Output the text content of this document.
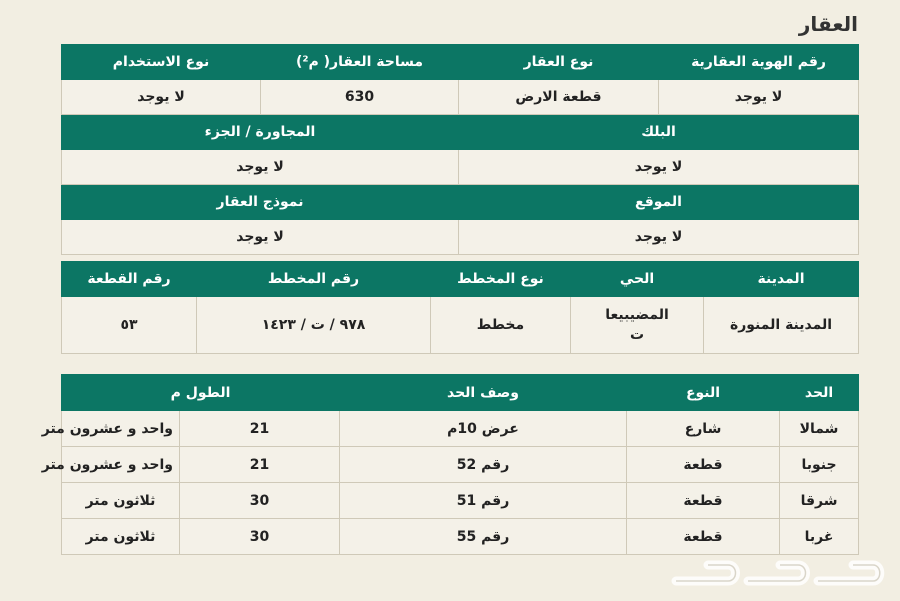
العقار
رقم الهوية العقارية	نوع العقار	مساحة العقار( م²)	نوع الاستخدام
لا يوجد	قطعة الارض	630	لا يوجد
البلك		المجاورة / الجزء	
لا يوجد		لا يوجد	
الموقع		نموذج العقار	
لا يوجد		لا يوجد	
المدينة	الحي	نوع المخطط	رقم المخطط	رقم القطعة
المدينة المنورة	المضيبيعات	مخطط	٩٧٨ / ت / ١٤٢٣	٥٣
الحد	النوع	وصف الحد	الطول م	
شمالا	شارع	عرض 10م	21	واحد و عشرون متر
جنوبا	قطعة	رقم 52	21	واحد و عشرون متر
شرقا	قطعة	رقم 51	30	ثلاثون متر
غربا	قطعة	رقم 55	30	ثلاثون متر
